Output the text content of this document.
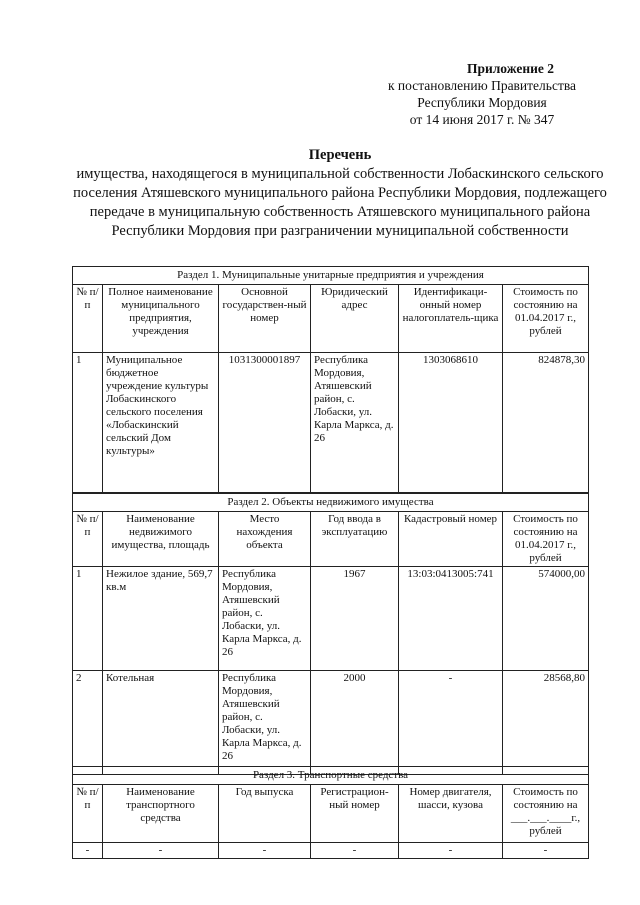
Приложение 2
к постановлению Правительства
Республики Мордовия
от 14 июня 2017 г. № 347
Перечень
имущества, находящегося в муниципальной собственности Лобаскинского сельского поселения Атяшевского муниципального района Республики Мордовия, подлежащего передаче в муниципальную собственность Атяшевского муниципального района Республики Мордовия при разграничении муниципальной собственности
Раздел 1. Муниципальные унитарные предприятия и учреждения					
№ п/п	Полное наименование муниципального предприятия, учреждения	Основной государствен-ный номер	Юридический адрес	Идентификаци-онный номер налогоплатель-щика	Стоимость по состоянию на 01.04.2017 г., рублей
1	Муниципальное бюджетное учреждение культуры Лобаскинского сельского поселения «Лобаскинский сельский Дом культуры»	1031300001897	Республика Мордовия, Атяшевский район, с. Лобаски, ул. Карла Маркса, д. 26	1303068610	824878,30
Раздел 2. Объекты недвижимого имущества					
№ п/п	Наименование недвижимого имущества, площадь	Место нахождения объекта	Год ввода в эксплуатацию	Кадастровый номер	Стоимость по состоянию на 01.04.2017 г., рублей
1	Нежилое здание, 569,7 кв.м	Республика Мордовия, Атяшевский район, с. Лобаски, ул. Карла Маркса, д. 26	1967	13:03:0413005:741	574000,00
2	Котельная	Республика Мордовия, Атяшевский район, с. Лобаски, ул. Карла Маркса, д. 26	2000	-	28568,80
Раздел 3. Транспортные средства					
№ п/п	Наименование транспортного средства	Год выпуска	Регистрацион-ный номер	Номер двигателя, шасси, кузова	Стоимость по состоянию на ___.___.____г., рублей
-	-	-	-	-	-
